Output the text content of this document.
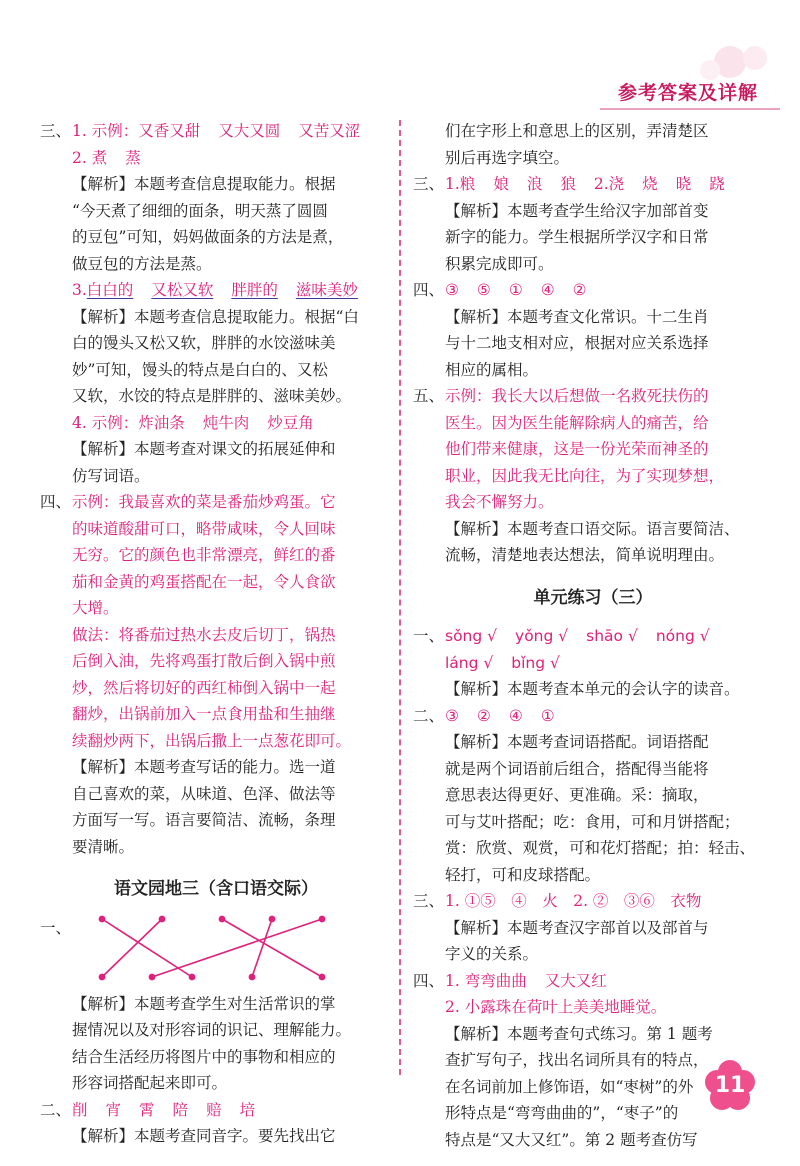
参考答案及详解
三、 1. 示例：又香又甜 又大又圆 又苦又涩
2. 煮 蒸
【解析】本题考查信息提取能力。根据
“今天煮了细细的面条，明天蒸了圆圆
的豆包”可知，妈妈做面条的方法是煮，
做豆包的方法是蒸。
3.白白的 又松又软 胖胖的 滋味美妙
【解析】本题考查信息提取能力。根据“白
白的馒头又松又软，胖胖的水饺滋味美
妙”可知，馒头的特点是白白的、又松
又软，水饺的特点是胖胖的、滋味美妙。
4. 示例：炸油条 炖牛肉 炒豆角
【解析】本题考查对课文的拓展延伸和
仿写词语。
四、 示例：我最喜欢的菜是番茄炒鸡蛋。它
的味道酸甜可口，略带咸味，令人回味
无穷。它的颜色也非常漂亮，鲜红的番
茄和金黄的鸡蛋搭配在一起，令人食欲
大增。
做法：将番茄过热水去皮后切丁，锅热
后倒入油，先将鸡蛋打散后倒入锅中煎
炒，然后将切好的西红柿倒入锅中一起
翻炒，出锅前加入一点食用盐和生抽继
续翻炒两下，出锅后撒上一点葱花即可。
【解析】本题考查写话的能力。选一道
自己喜欢的菜，从味道、色泽、做法等
方面写一写。语言要简洁、流畅，条理
要清晰。
语文园地三（含口语交际）
一、
【解析】本题考查学生对生活常识的掌
握情况以及对形容词的识记、理解能力。
结合生活经历将图片中的事物和相应的
形容词搭配起来即可。
二、 削 宵 霄 陪 赔 培
【解析】本题考查同音字。要先找出它
们在字形上和意思上的区别，弄清楚区
别后再选字填空。
三、 1.粮 娘 浪 狼 2.浇 烧 晓 跷
【解析】本题考查学生给汉字加部首变
新字的能力。学生根据所学汉字和日常
积累完成即可。
四、 ③ ⑤ ① ④ ②
【解析】本题考查文化常识。十二生肖
与十二地支相对应，根据对应关系选择
相应的属相。
五、 示例：我长大以后想做一名救死扶伤的
医生。因为医生能解除病人的痛苦，给
他们带来健康，这是一份光荣而神圣的
职业，因此我无比向往，为了实现梦想，
我会不懈努力。
【解析】本题考查口语交际。语言要简洁、
流畅，清楚地表达想法，简单说明理由。
单元练习（三）
一、 sǒng √ yǒng √ shāo √ nóng √
láng √ bǐng √
【解析】本题考查本单元的会认字的读音。
二、 ③ ② ④ ①
【解析】本题考查词语搭配。词语搭配
就是两个词语前后组合，搭配得当能将
意思表达得更好、更准确。采：摘取，
可与艾叶搭配；吃：食用，可和月饼搭配；
赏：欣赏、观赏，可和花灯搭配；拍：轻击、
轻打，可和皮球搭配。
三、 1. ①⑤　④　火　2. ②　③⑥　衣物
【解析】本题考查汉字部首以及部首与
字义的关系。
四、 1. 弯弯曲曲 又大又红
2. 小露珠在荷叶上美美地睡觉。
【解析】本题考查句式练习。第 1 题考
查扩写句子，找出名词所具有的特点，
在名词前加上修饰语，如“枣树”的外
形特点是“弯弯曲曲的”，“枣子”的
特点是“又大又红”。第 2 题考查仿写
11
